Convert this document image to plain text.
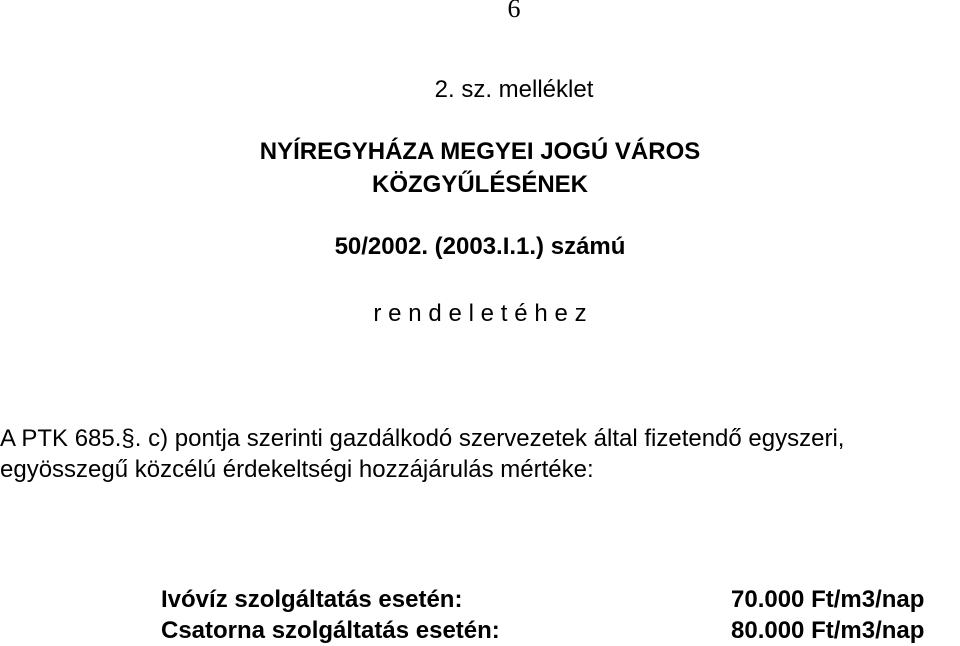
6
2. sz. melléklet
NYÍREGYHÁZA MEGYEI JOGÚ VÁROS
KÖZGYŰLÉSÉNEK
50/2002. (2003.I.1.) számú
r e n d e l e t é h e z
A PTK 685.§. c) pontja szerinti gazdálkodó szervezetek által fizetendő egyszeri,
egyösszegű közcélú érdekeltségi hozzájárulás mértéke:
Ivóvíz szolgáltatás esetén:	70.000 Ft/m3/nap
Csatorna szolgáltatás esetén:	80.000 Ft/m3/nap
